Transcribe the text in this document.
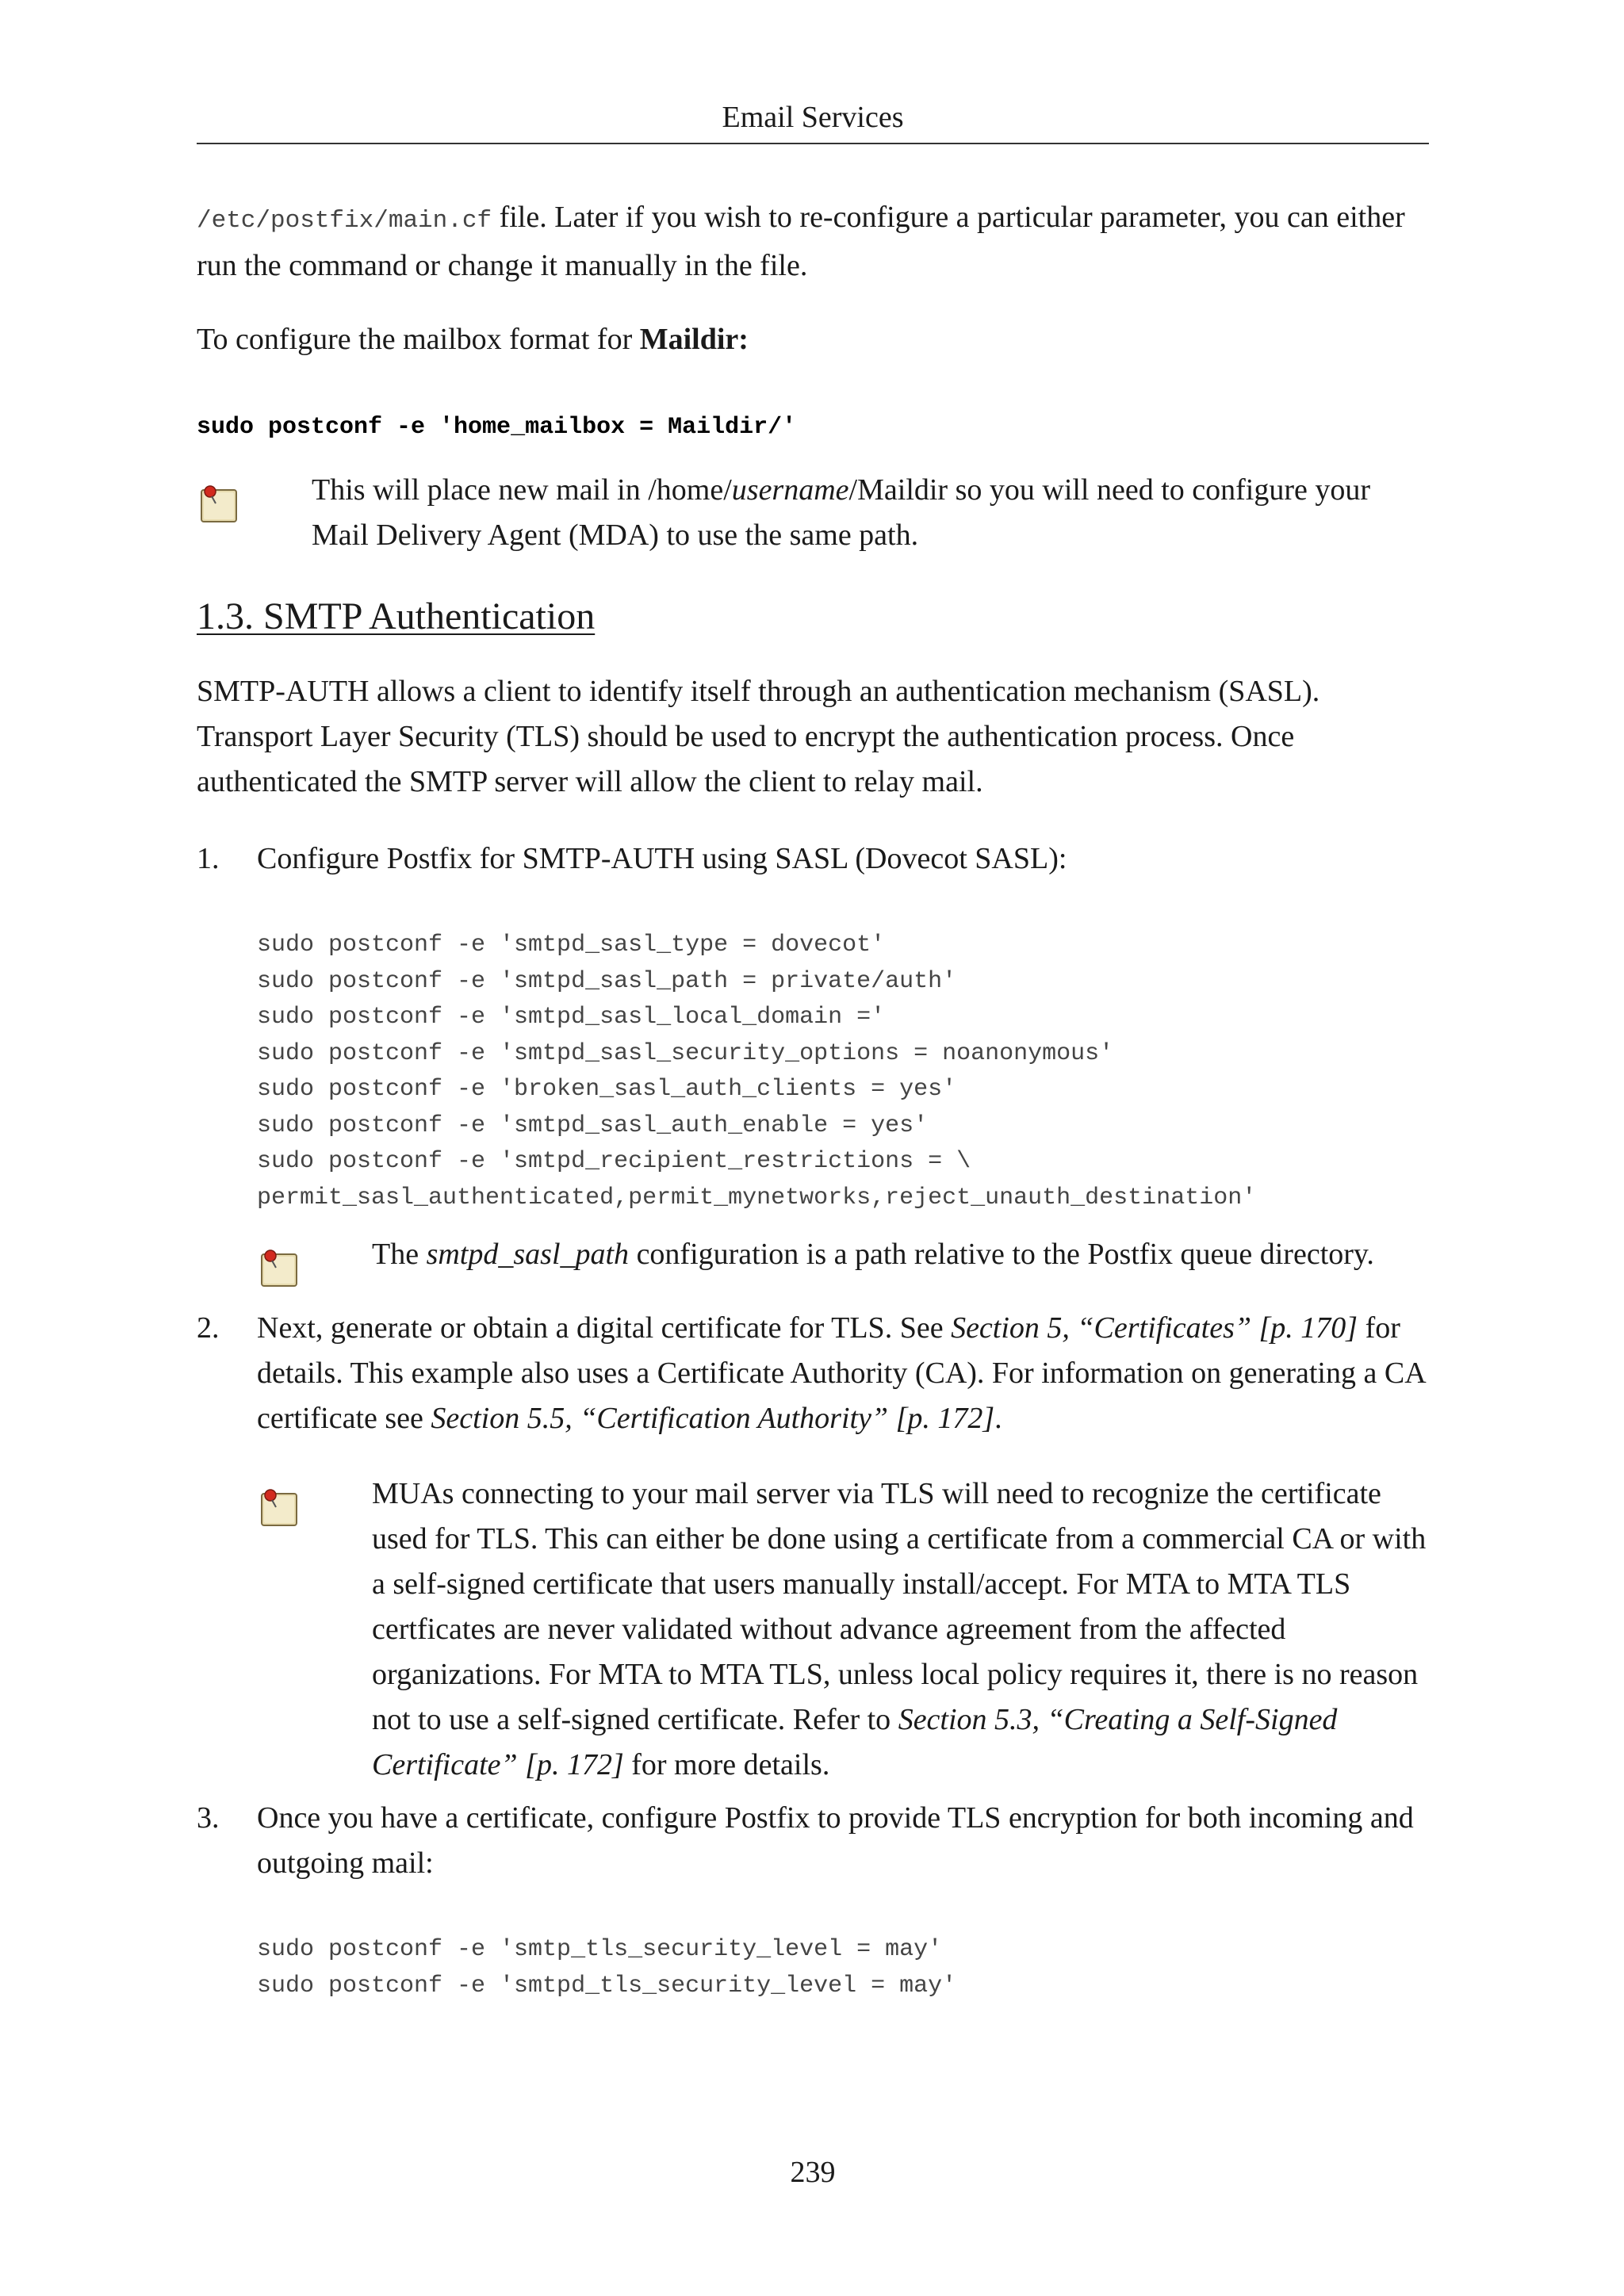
Email Services

/etc/postfix/main.cf file. Later if you wish to re-configure a particular parameter, you can either run the command or change it manually in the file.

To configure the mailbox format for Maildir:

sudo postconf -e 'home_mailbox = Maildir/'

This will place new mail in /home/username/Maildir so you will need to configure your Mail Delivery Agent (MDA) to use the same path.

1.3. SMTP Authentication

SMTP-AUTH allows a client to identify itself through an authentication mechanism (SASL). Transport Layer Security (TLS) should be used to encrypt the authentication process. Once authenticated the SMTP server will allow the client to relay mail.

1. Configure Postfix for SMTP-AUTH using SASL (Dovecot SASL):

sudo postconf -e 'smtpd_sasl_type = dovecot'
sudo postconf -e 'smtpd_sasl_path = private/auth'
sudo postconf -e 'smtpd_sasl_local_domain ='
sudo postconf -e 'smtpd_sasl_security_options = noanonymous'
sudo postconf -e 'broken_sasl_auth_clients = yes'
sudo postconf -e 'smtpd_sasl_auth_enable = yes'
sudo postconf -e 'smtpd_recipient_restrictions = \
permit_sasl_authenticated,permit_mynetworks,reject_unauth_destination'

The smtpd_sasl_path configuration is a path relative to the Postfix queue directory.

2. Next, generate or obtain a digital certificate for TLS. See Section 5, “Certificates” [p. 170] for details. This example also uses a Certificate Authority (CA). For information on generating a CA certificate see Section 5.5, “Certification Authority” [p. 172].

MUAs connecting to your mail server via TLS will need to recognize the certificate used for TLS. This can either be done using a certificate from a commercial CA or with a self-signed certificate that users manually install/accept. For MTA to MTA TLS certficates are never validated without advance agreement from the affected organizations. For MTA to MTA TLS, unless local policy requires it, there is no reason not to use a self-signed certificate. Refer to Section 5.3, “Creating a Self-Signed Certificate” [p. 172] for more details.

3. Once you have a certificate, configure Postfix to provide TLS encryption for both incoming and outgoing mail:

sudo postconf -e 'smtp_tls_security_level = may'
sudo postconf -e 'smtpd_tls_security_level = may'
239
